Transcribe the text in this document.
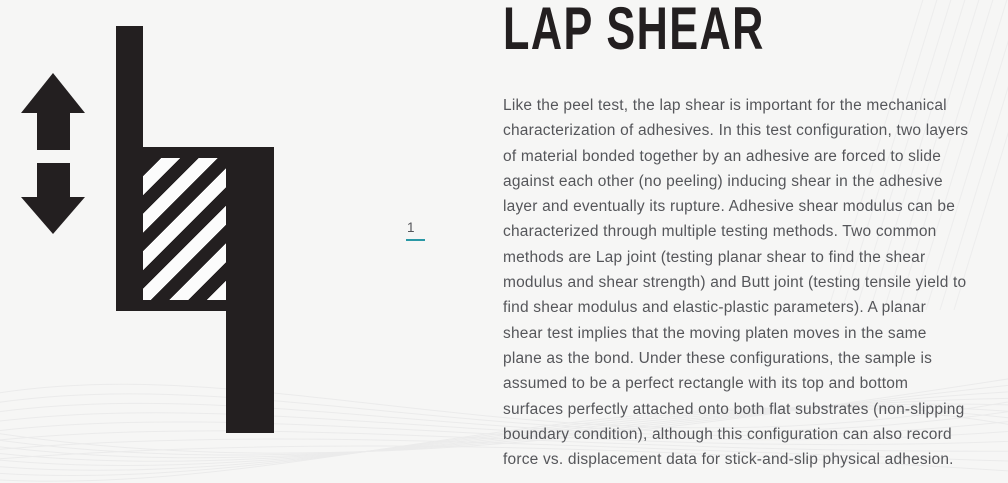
1
LAP SHEAR

Like the peel test, the lap shear is important for the mechanical characterization of adhesives. In this test configuration, two layers of material bonded together by an adhesive are forced to slide against each other (no peeling) inducing shear in the adhesive layer and eventually its rupture. Adhesive shear modulus can be characterized through multiple testing methods. Two common methods are Lap joint (testing planar shear to find the shear modulus and shear strength) and Butt joint (testing tensile yield to find shear modulus and elastic-plastic parameters). A planar shear test implies that the moving platen moves in the same plane as the bond. Under these configurations, the sample is assumed to be a perfect rectangle with its top and bottom surfaces perfectly attached onto both flat substrates (non-slipping boundary condition), although this configuration can also record force vs. displacement data for stick-and-slip physical adhesion.
